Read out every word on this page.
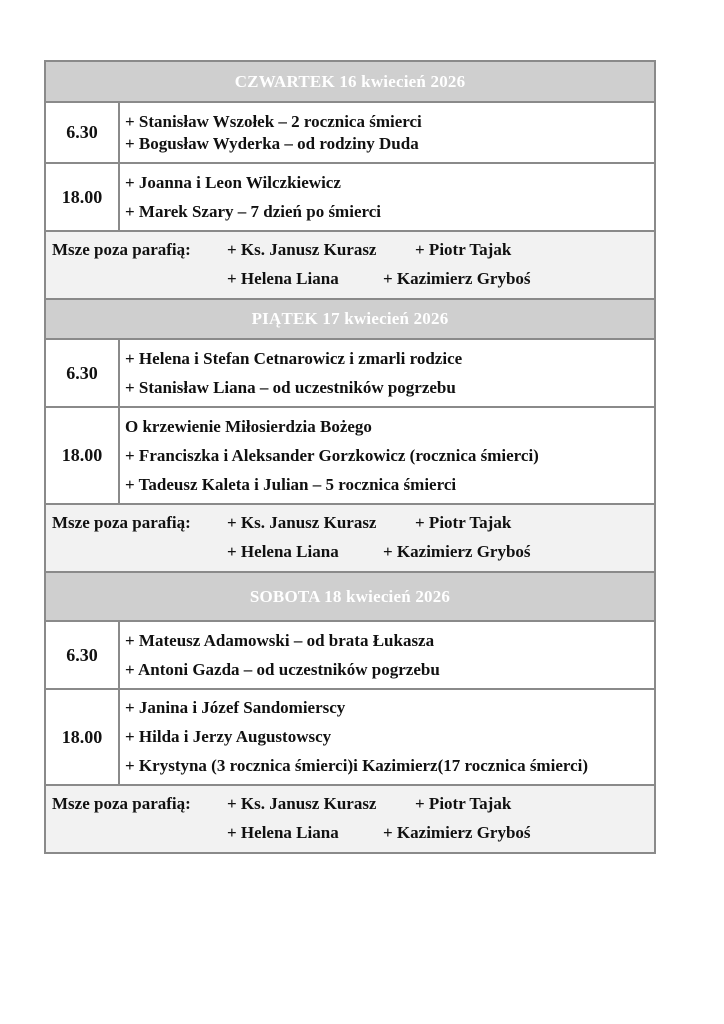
CZWARTEK 16 kwiecień 2026
6.30
+ Stanisław Wszołek – 2 rocznica śmierci
+ Bogusław Wyderka – od rodziny Duda
18.00
+ Joanna i Leon Wilczkiewicz
+ Marek Szary – 7 dzień po śmierci
Msze poza parafią: + Ks. Janusz Kurasz + Piotr Tajak
+ Helena Liana	+ Kazimierz Gryboś
PIĄTEK 17 kwiecień 2026
6.30
+ Helena i Stefan Cetnarowicz i zmarli rodzice
+ Stanisław Liana – od uczestników pogrzebu
18.00
O krzewienie Miłosierdzia Bożego
+ Franciszka i Aleksander Gorzkowicz (rocznica śmierci)
+ Tadeusz Kaleta i Julian – 5 rocznica śmierci
Msze poza parafią: + Ks. Janusz Kurasz + Piotr Tajak
+ Helena Liana	+ Kazimierz Gryboś
SOBOTA 18 kwiecień 2026
6.30
+ Mateusz Adamowski – od brata Łukasza
+ Antoni Gazda – od uczestników pogrzebu
18.00
+ Janina i Józef Sandomierscy
+ Hilda i Jerzy Augustowscy
+ Krystyna (3 rocznica śmierci)i Kazimierz(17 rocznica śmierci)
Msze poza parafią: + Ks. Janusz Kurasz + Piotr Tajak
+ Helena Liana	+ Kazimierz Gryboś
